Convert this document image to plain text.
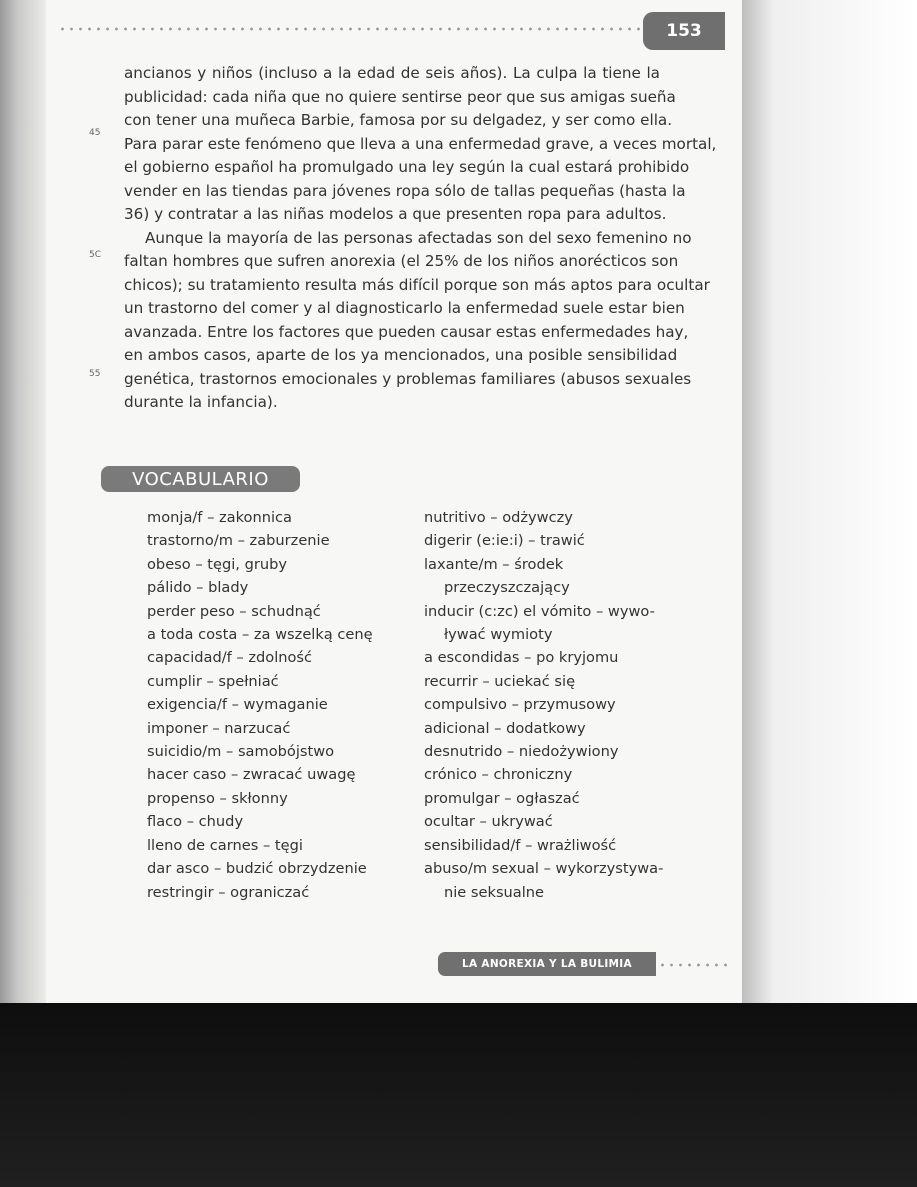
153
ancianos y niños (incluso a la edad de seis años). La culpa la tiene la
publicidad: cada niña que no quiere sentirse peor que sus amigas sueña
con tener una muñeca Barbie, famosa por su delgadez, y ser como ella.
Para parar este fenómeno que lleva a una enfermedad grave, a veces mortal,
el gobierno español ha promulgado una ley según la cual estará prohibido
vender en las tiendas para jóvenes ropa sólo de tallas pequeñas (hasta la
36) y contratar a las niñas modelos a que presenten ropa para adultos.
Aunque la mayoría de las personas afectadas son del sexo femenino no
faltan hombres que sufren anorexia (el 25% de los niños anorécticos son
chicos); su tratamiento resulta más difícil porque son más aptos para ocultar
un trastorno del comer y al diagnosticarlo la enfermedad suele estar bien
avanzada. Entre los factores que pueden causar estas enfermedades hay,
en ambos casos, aparte de los ya mencionados, una posible sensibilidad
genética, trastornos emocionales y problemas familiares (abusos sexuales
durante la infancia).
45
5C
55
VOCABULARIO
monja/f – zakonnica
trastorno/m – zaburzenie
obeso – tęgi, gruby
pálido – blady
perder peso – schudnąć
a toda costa – za wszelką cenę
capacidad/f – zdolność
cumplir – spełniać
exigencia/f – wymaganie
imponer – narzucać
suicidio/m – samobójstwo
hacer caso – zwracać uwagę
propenso – skłonny
flaco – chudy
lleno de carnes – tęgi
dar asco – budzić obrzydzenie
restringir – ograniczać
nutritivo – odżywczy
digerir (e:ie:i) – trawić
laxante/m – środek
przeczyszczający
inducir (c:zc) el vómito – wywo-
ływać wymioty
a escondidas – po kryjomu
recurrir – uciekać się
compulsivo – przymusowy
adicional – dodatkowy
desnutrido – niedożywiony
crónico – chroniczny
promulgar – ogłaszać
ocultar – ukrywać
sensibilidad/f – wrażliwość
abuso/m sexual – wykorzystywa-
nie seksualne
LA ANOREXIA Y LA BULIMIA
